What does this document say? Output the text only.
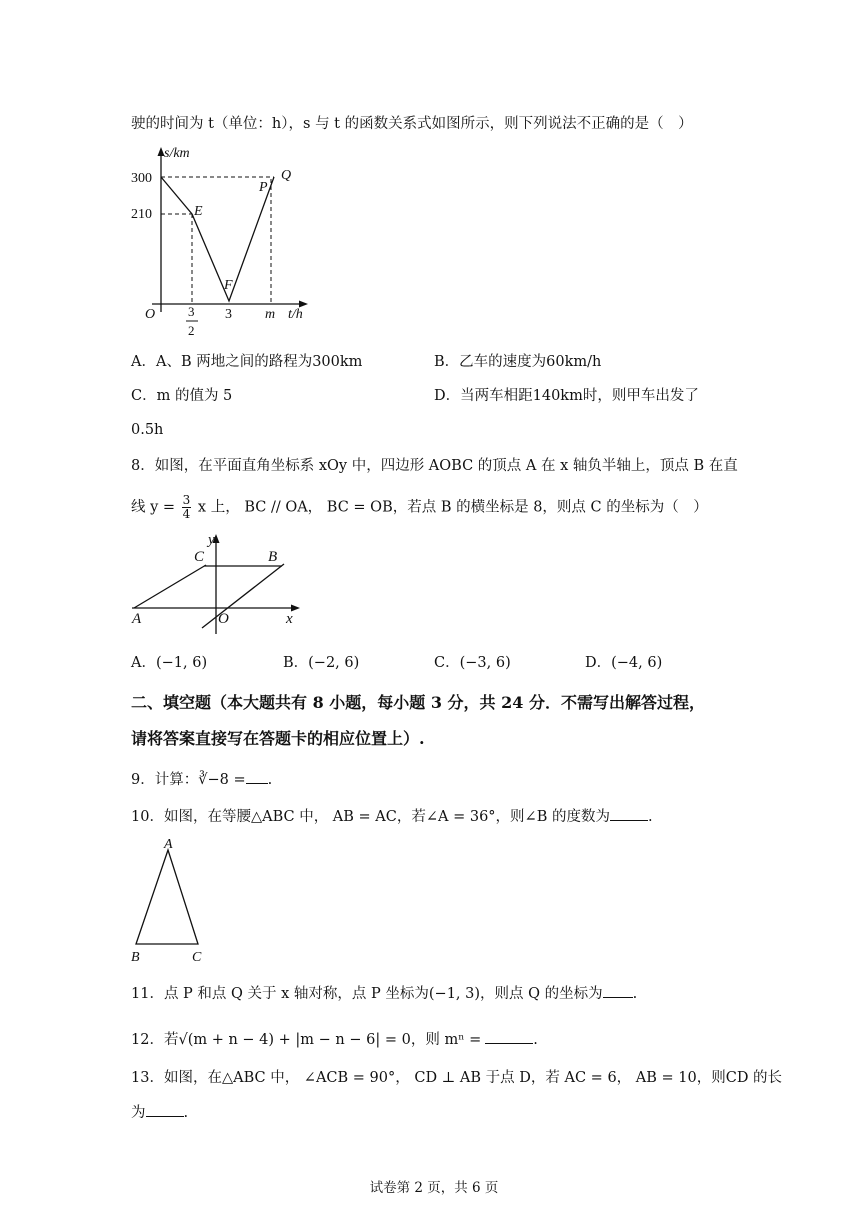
驶的时间为 t（单位：h），s 与 t 的函数关系式如图所示，则下列说法不正确的是（　）
s/km
300
210	E
F
P
Q
O	3
2
3 m t/h
A．A、B 两地之间的路程为300km	B．乙车的速度为60km/h
C．m 的值为 5	D．当两车相距140km时，则甲车出发了
0.5h
8．如图，在平面直角坐标系 xOy 中，四边形 AOBC 的顶点 A 在 x 轴负半轴上，顶点 B 在直
线 $y = \frac{3}{4}$ x 上， BC // OA， BC = OB，若点 B 的横坐标是 8，则点 C 的坐标为（　）
y
C	B
A	O	x
A．(−1, 6)	B．(−2, 6)	C．(−3, 6)	D．(−4, 6)
二、填空题（本大题共有 8 小题，每小题 3 分，共 24 分．不需写出解答过程，
请将答案直接写在答题卡的相应位置上）.
9．计算：∛−8 = .
10．如图，在等腰△ABC 中， AB = AC，若∠A = 36°，则∠B 的度数为	.
A
B	C
11．点 P 和点 Q 关于 x 轴对称，点 P 坐标为(−1, 3)，则点 Q 的坐标为 .
12．若√(m + n − 4) + |m − n − 6| = 0，则 mⁿ =	.
13．如图，在△ABC 中， ∠ACB = 90°， CD ⊥ AB 于点 D，若 AC = 6， AB = 10，则CD 的长
为	.
试卷第 2 页，共 6 页
